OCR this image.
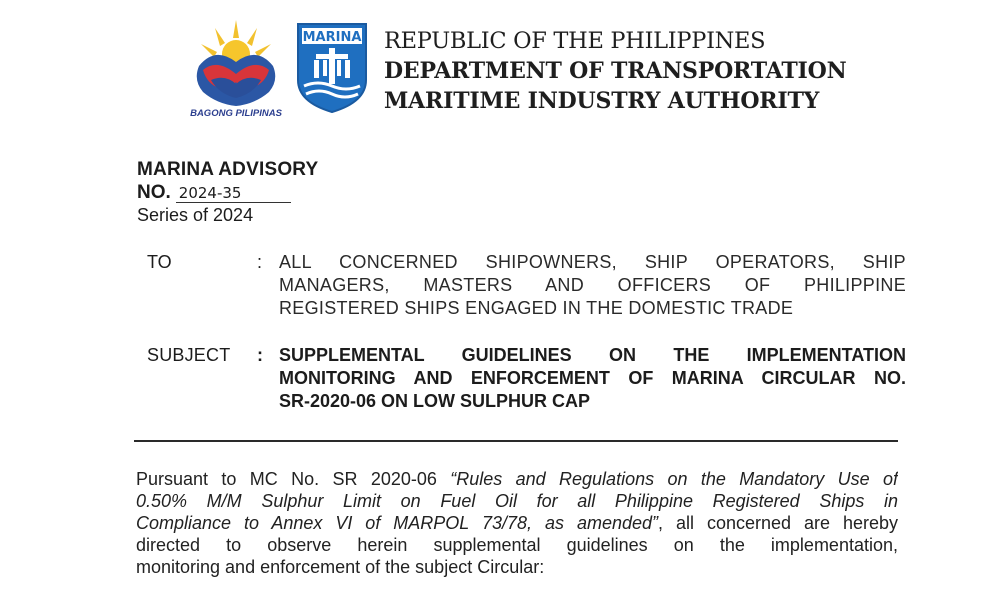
BAGONG PILIPINAS
MARINA REPUBLIC OF THE PHILIPPINES
DEPARTMENT OF TRANSPORTATION
MARITIME INDUSTRY AUTHORITY
MARINA ADVISORY
NO. 2024-35
Series of 2024
TO	: ALL CONCERNED SHIPOWNERS, SHIP OPERATORS, SHIP
MANAGERS, MASTERS AND OFFICERS OF PHILIPPINE
REGISTERED SHIPS ENGAGED IN THE DOMESTIC TRADE
SUBJECT : SUPPLEMENTAL GUIDELINES ON THE IMPLEMENTATION
MONITORING AND ENFORCEMENT OF MARINA CIRCULAR NO.
SR-2020-06 ON LOW SULPHUR CAP
Pursuant to MC No. SR 2020-06 “Rules and Regulations on the Mandatory Use of
0.50% M/M Sulphur Limit on Fuel Oil for all Philippine Registered Ships in
Compliance to Annex VI of MARPOL 73/78, as amended”, all concerned are hereby
directed to observe herein supplemental guidelines on the implementation,
monitoring and enforcement of the subject Circular:
